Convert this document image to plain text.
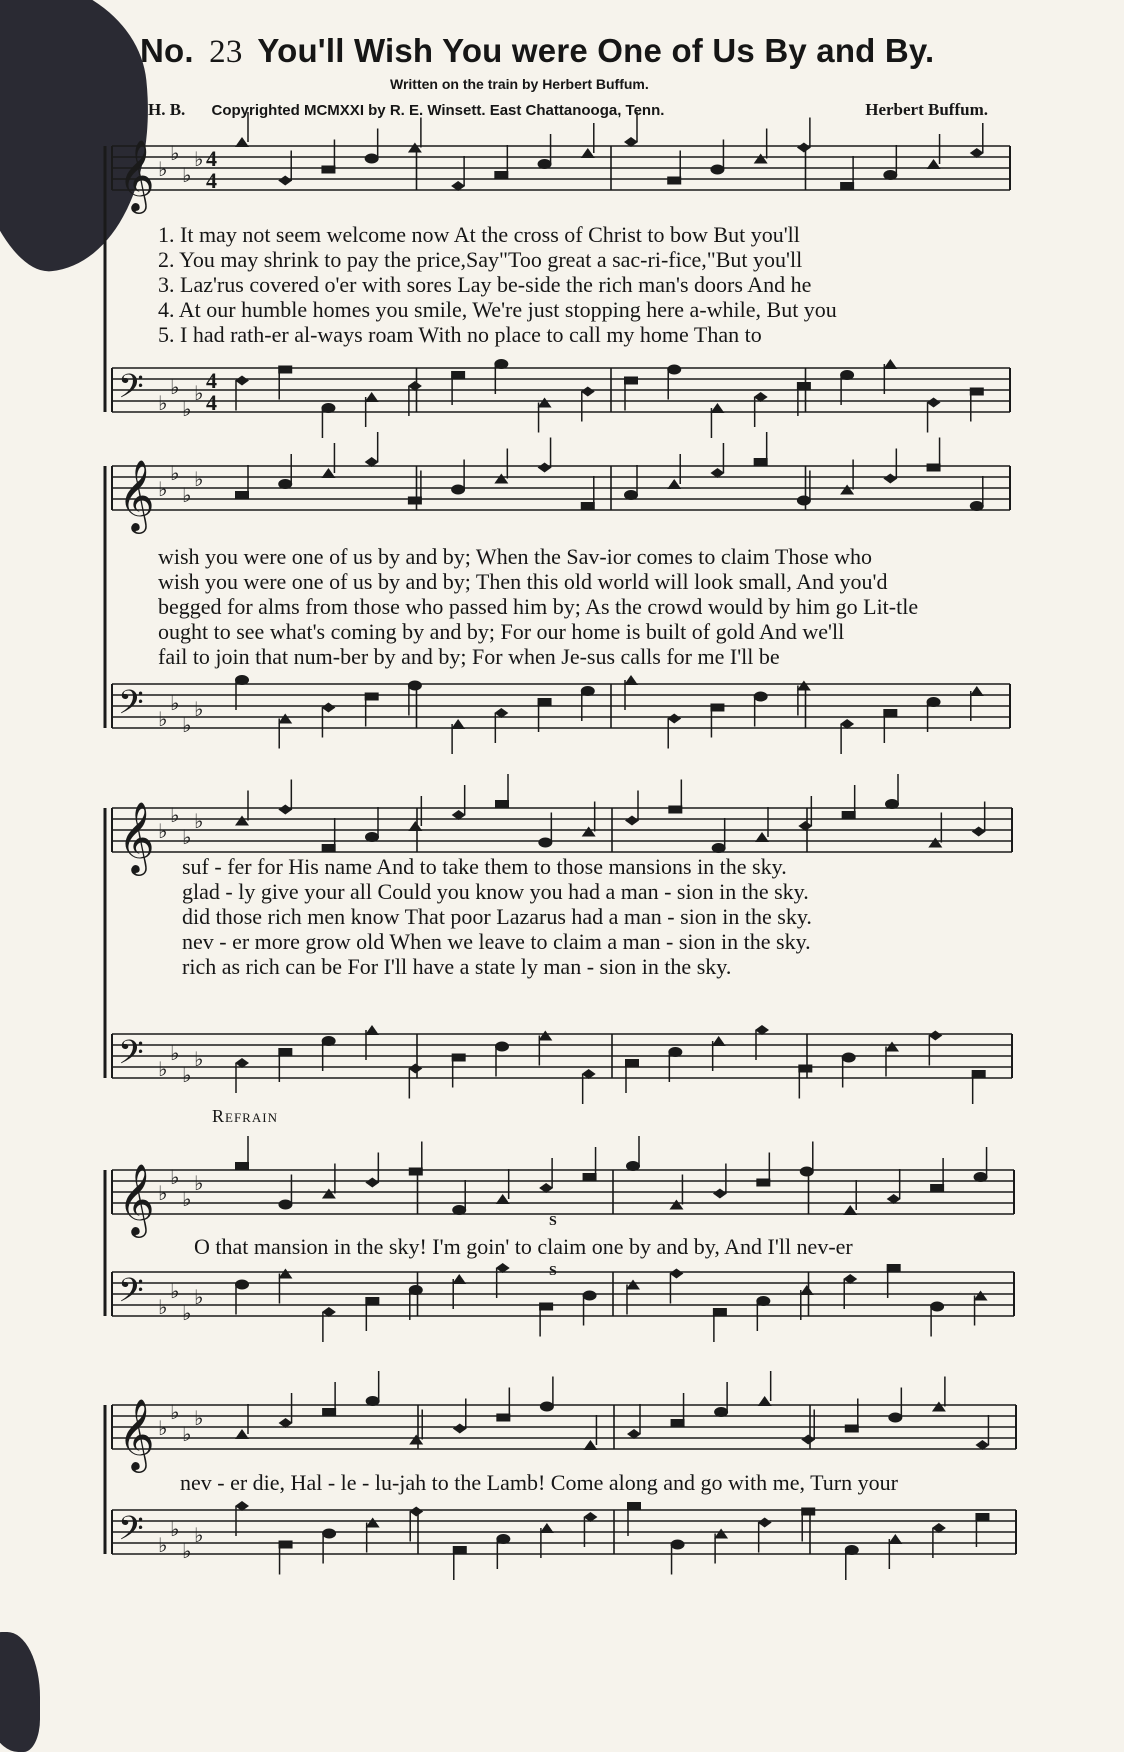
No. 23 You'll Wish You were One of Us By and By.
Written on the train by Herbert Buffum.
H. B. Copyrighted MCMXXI by R. E. Winsett. East Chattanooga, Tenn.	Herbert Buffum.
𝄞 ♭
♭
♭
♭ 4
4
𝄢 ♭
♭
♭
♭ 4
4
𝄞 ♭
♭
♭
♭
𝄢 ♭
♭
♭
♭
𝄞 ♭
♭
♭
♭
𝄢 ♭
♭
♭
♭
𝄞 ♭
♭
♭
♭
𝄢 ♭
♭
♭
♭
𝄞 ♭
♭
♭
♭
𝄢 ♭
♭
♭
♭
1. It may not seem welcome now At the cross of Christ to bow But you'll
2. You may shrink to pay the price,Say"Too great a sac-ri-fice,"But you'll
3. Laz'rus covered o'er with sores Lay be-side the rich man's doors And he
4. At our humble homes you smile, We're just stopping here a-while, But you
5. I had rath-er al-ways roam With no place to call my home Than to
wish you were one of us by and by; When the Sav-ior comes to claim Those who
wish you were one of us by and by; Then this old world will look small, And you'd
begged for alms from those who passed him by; As the crowd would by him go Lit-tle
ought to see what's coming by and by; For our home is built of gold And we'll
fail to join that num-ber by and by; For when Je-sus calls for me I'll be
suf - fer for His name And to take them to those mansions in the sky.
glad - ly give your all Could you know you had a man - sion in the sky.
did those rich men know That poor Lazarus had a man - sion in the sky.
nev - er more grow old When we leave to claim a man - sion in the sky.
rich as rich can be For I'll have a state ly man - sion in the sky.
Refrain
S
O that mansion in the sky! I'm goin' to claim one by and by, And I'll nev-er
S
nev - er die, Hal - le - lu-jah to the Lamb! Come along and go with me, Turn your
